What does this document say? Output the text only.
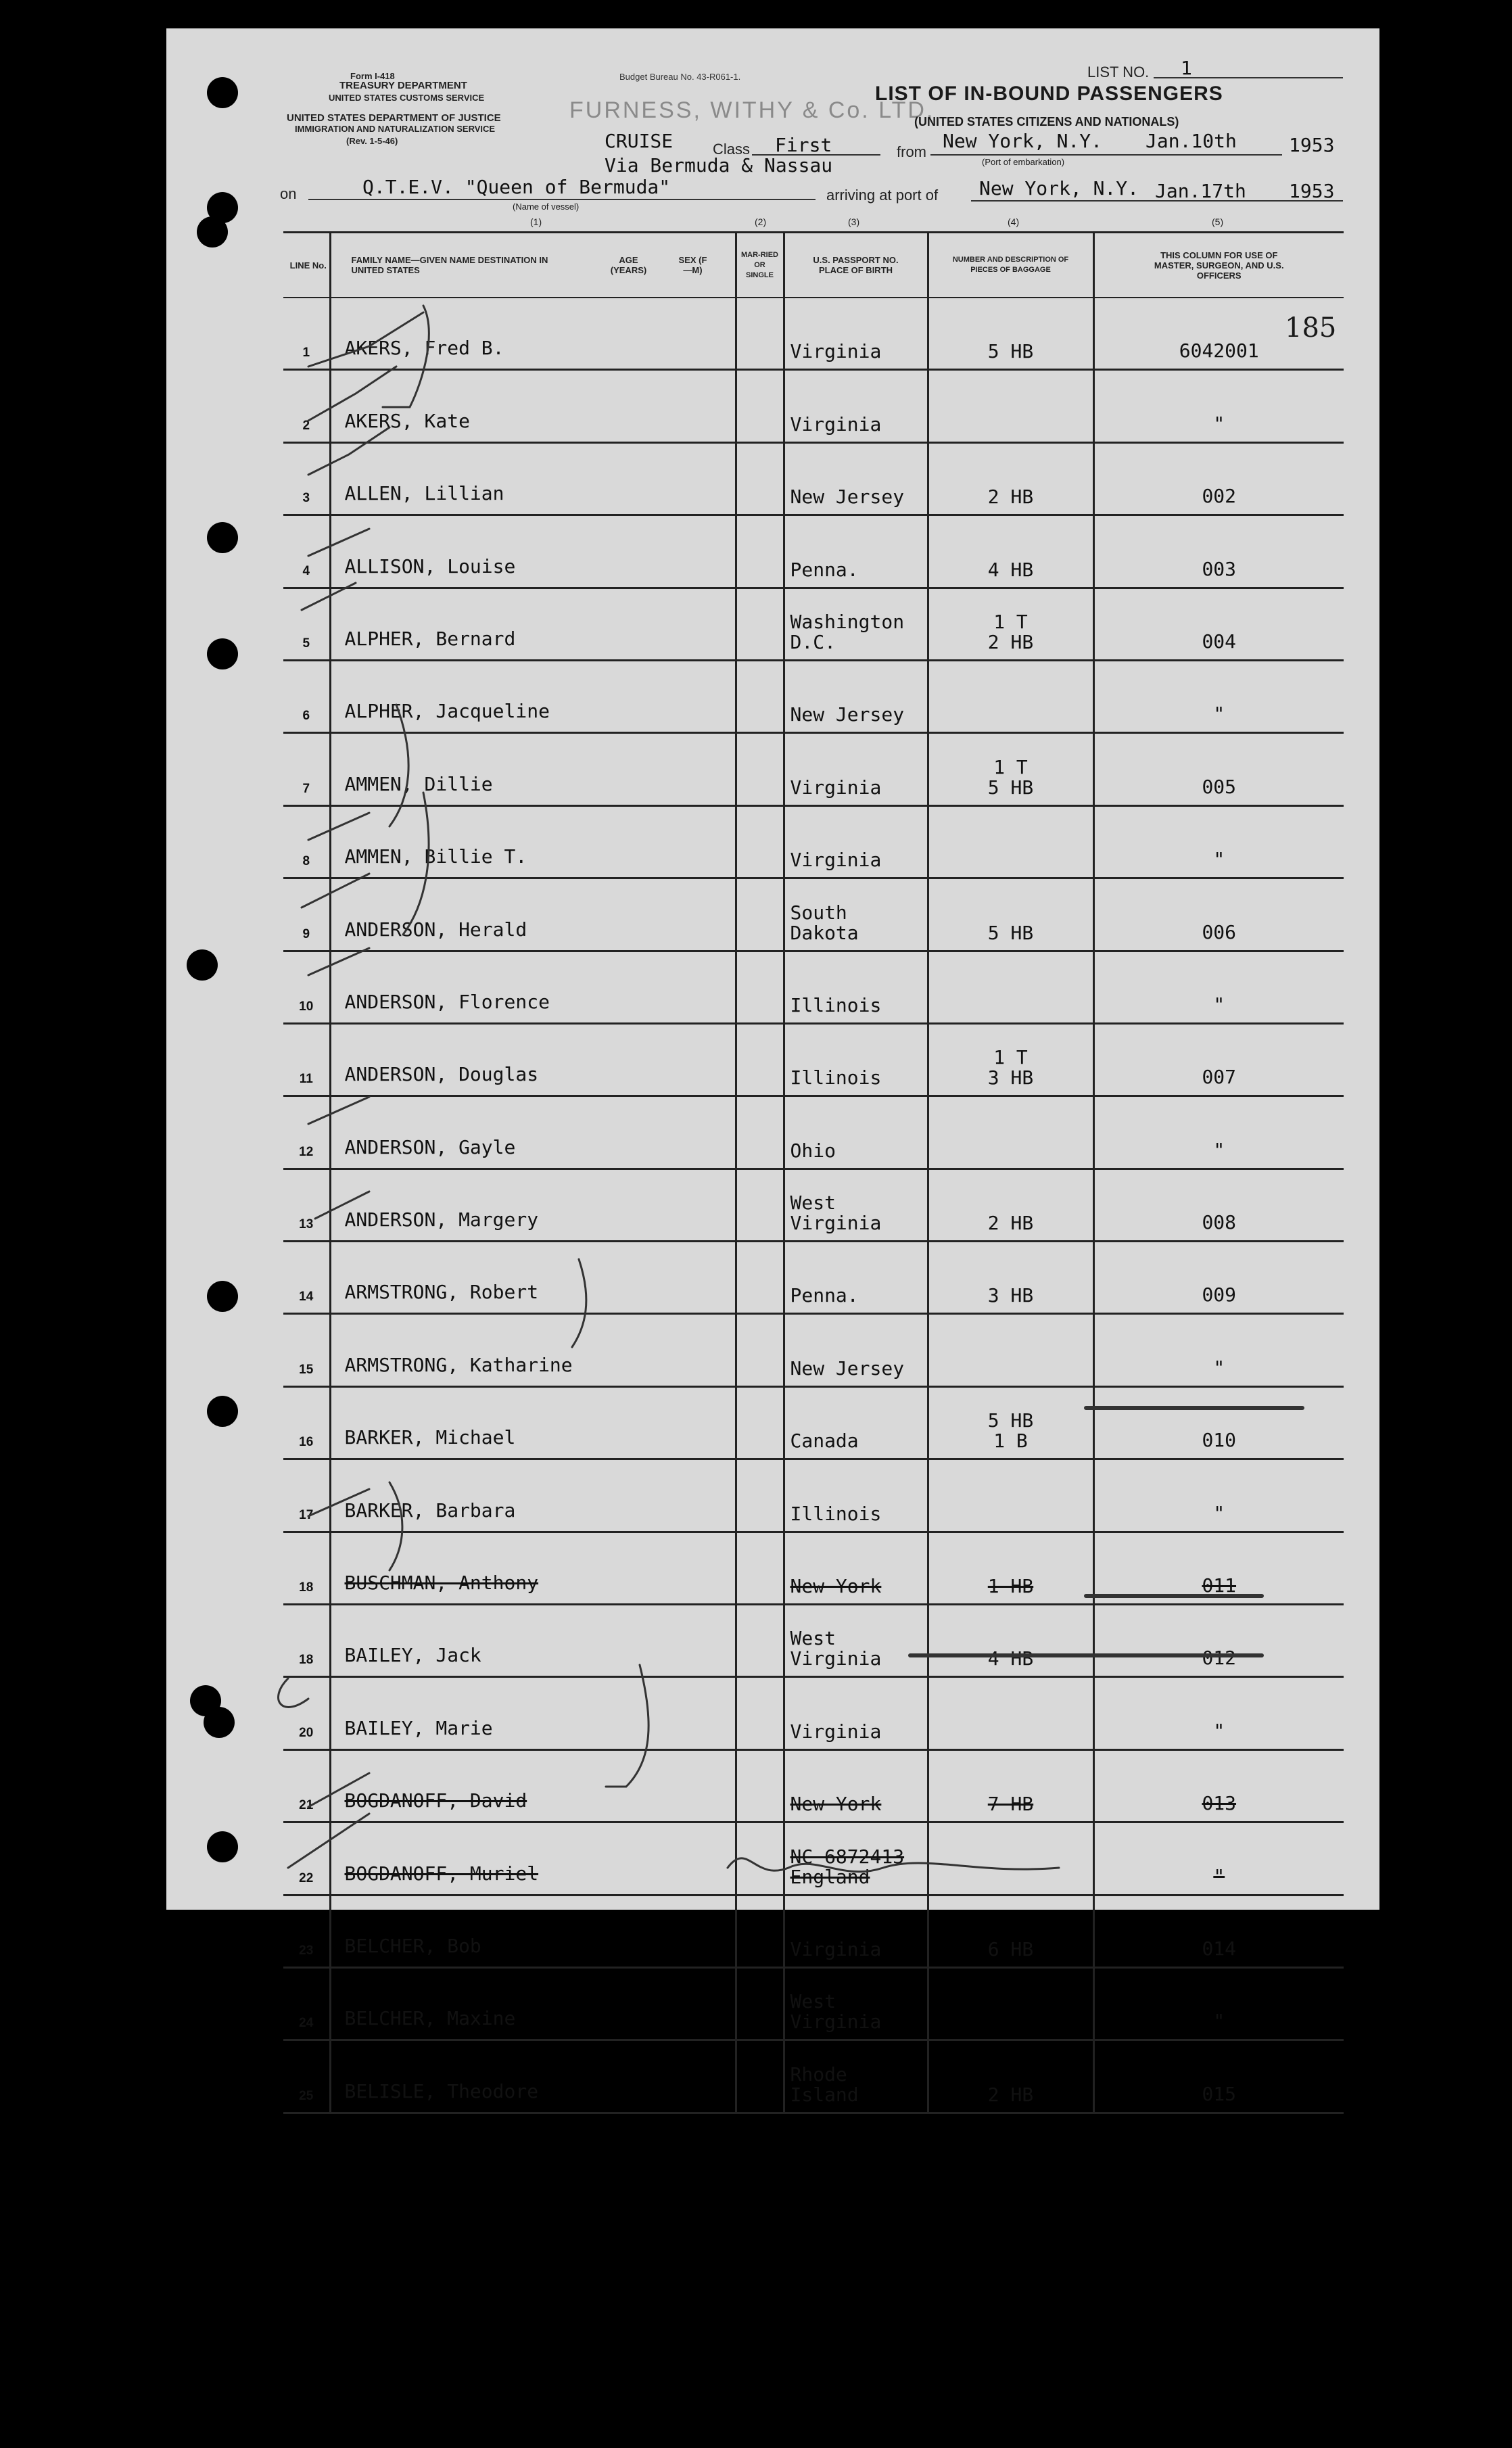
Form I-418
TREASURY DEPARTMENT
UNITED STATES CUSTOMS SERVICE
UNITED STATES DEPARTMENT OF JUSTICE
IMMIGRATION AND NATURALIZATION SERVICE
(Rev. 1-5-46)
Budget Bureau No. 43-R061-1.
FURNESS, WITHY & Co. LTD.
LIST NO. 1
LIST OF IN-BOUND PASSENGERS
(UNITED STATES CITIZENS AND NATIONALS)
CRUISE	Class First	from New York, N.Y. Jan.10th	1953
(Port of embarkation)
Via Bermuda & Nassau
on	Q.T.E.V. "Queen of Bermuda"
(Name of vessel)
arriving at port of New York, N.Y. Jan.17th 1953
185
(1)	(2)	(3)	(4)	(5)
LINE No.	FAMILY NAME—GIVEN NAME DESTINATION IN UNITED STATES
AGE (YEARS)
SEX (F—M)	MAR-RIED OR SINGLE	U.S. PASSPORT NO. PLACE OF BIRTH	NUMBER AND DESCRIPTION OF PIECES OF BAGGAGE	THIS COLUMN FOR USE OF MASTER, SURGEON, AND U.S. OFFICERS
1	AKERS, Fred B.		Virginia	5 HB	6042001
2	AKERS, Kate		Virginia		"
3	ALLEN, Lillian		New Jersey	2 HB	002
4	ALLISON, Louise		Penna.	4 HB	003
5	ALPHER, Bernard		Washington
D.C.	1 T
2 HB	004
6	ALPHER, Jacqueline		New Jersey		"
7	AMMEN, Dillie		Virginia	1 T
5 HB	005
8	AMMEN, Billie T.		Virginia		"
9	ANDERSON, Herald		South
Dakota	5 HB	006
10	ANDERSON, Florence		Illinois		"
11	ANDERSON, Douglas		Illinois	1 T
3 HB	007
12	ANDERSON, Gayle		Ohio		"
13	ANDERSON, Margery		West
Virginia	2 HB	008
14	ARMSTRONG, Robert		Penna.	3 HB	009
15	ARMSTRONG, Katharine		New Jersey		"
16	BARKER, Michael		Canada	5 HB
1 B	010
17	BARKER, Barbara		Illinois		"
18	BUSCHMAN, Anthony		New York	1 HB	011
18	BAILEY, Jack		West
Virginia	4 HB	012
20	BAILEY, Marie		Virginia		"
21	BOGDANOFF, David		New York	7 HB	013
22	BOGDANOFF, Muriel		NC 6872413
England		"
23	BELCHER, Bob		Virginia	6 HB	014
24	BELCHER, Maxine		West
Virginia		"
25	BELISLE, Theodore		Rhode
Island	2 HB	015
